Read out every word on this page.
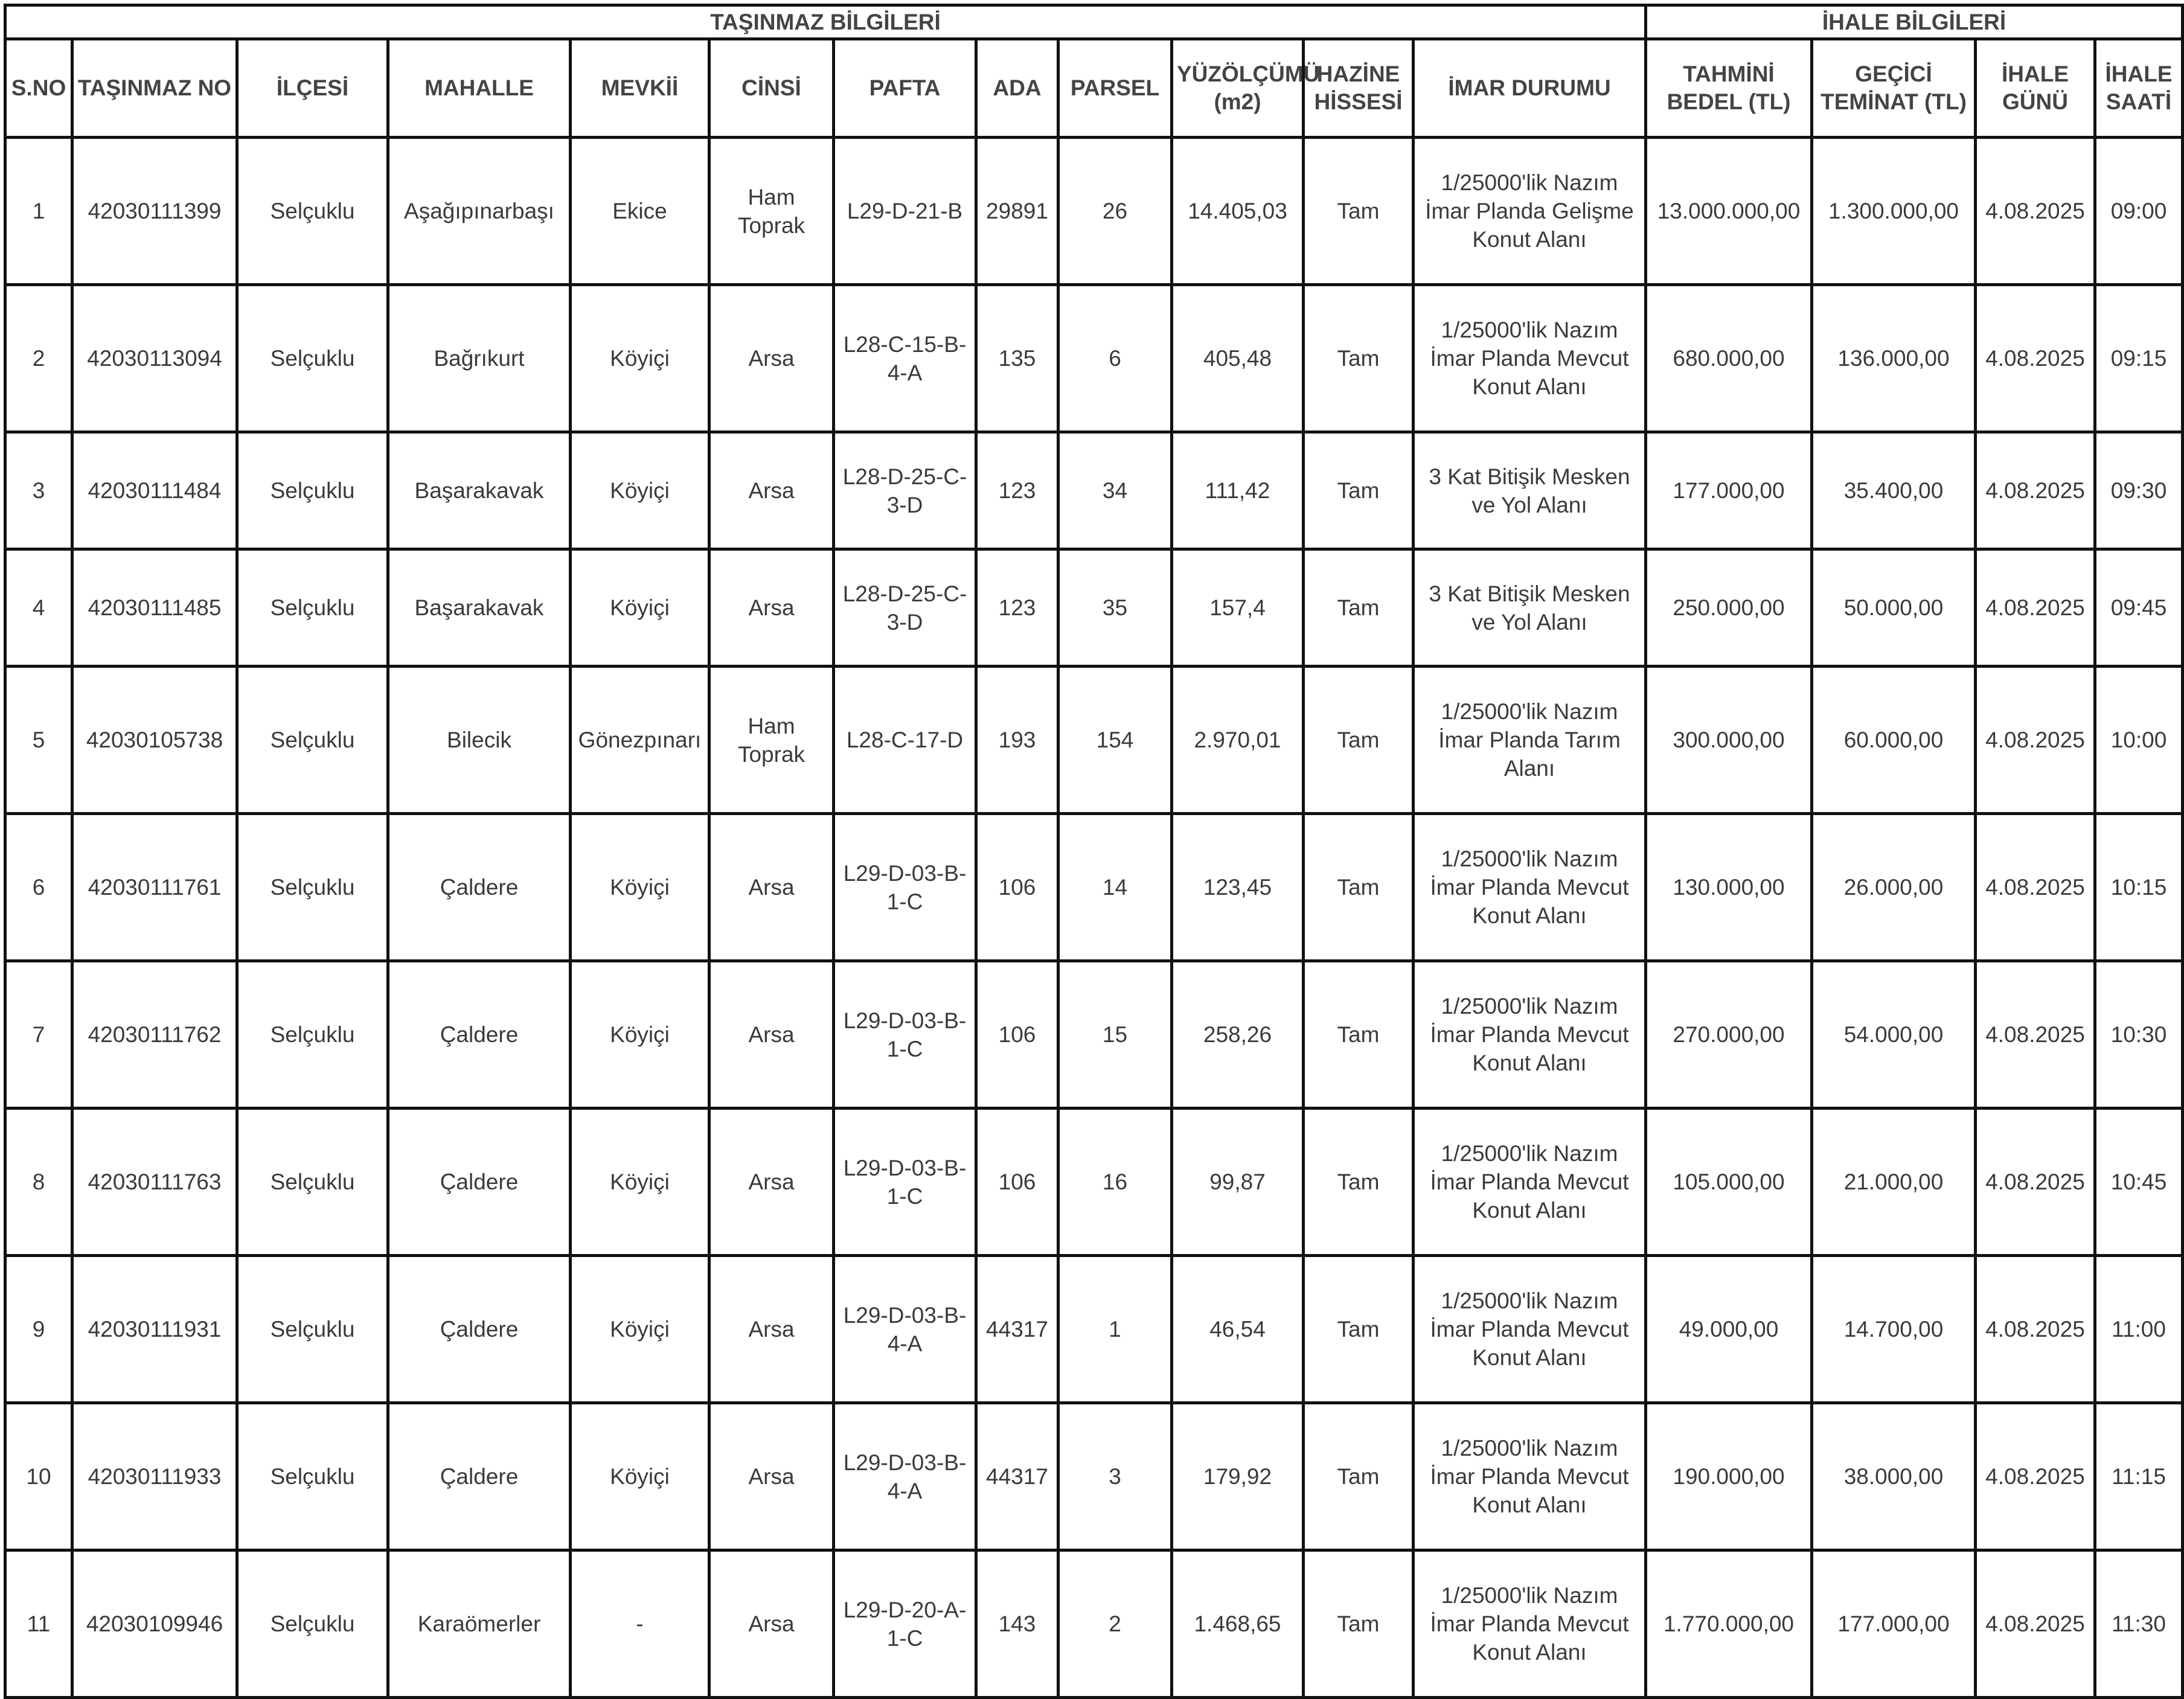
TAŞINMAZ BİLGİLERİ												İHALE BİLGİLERİ			
S.NO	TAŞINMAZ NO	İLÇESİ	MAHALLE	MEVKİİ	CİNSİ	PAFTA	ADA	PARSEL	YÜZÖLÇÜMÜ (m2)	HAZİNE HİSSESİ	İMAR DURUMU	TAHMİNİ BEDEL (TL)	GEÇİCİ TEMİNAT (TL)	İHALE GÜNÜ	İHALE SAATİ
1	42030111399	Selçuklu	Aşağıpınarbaşı	Ekice	Ham Toprak	L29-D-21-B	29891	26	14.405,03	Tam	1/25000'lik Nazım İmar Planda Gelişme Konut Alanı	13.000.000,00	1.300.000,00	4.08.2025	09:00
2	42030113094	Selçuklu	Bağrıkurt	Köyiçi	Arsa	L28-C-15-B-4-A	135	6	405,48	Tam	1/25000'lik Nazım İmar Planda Mevcut Konut Alanı	680.000,00	136.000,00	4.08.2025	09:15
3	42030111484	Selçuklu	Başarakavak	Köyiçi	Arsa	L28-D-25-C-3-D	123	34	111,42	Tam	3 Kat Bitişik Mesken ve Yol Alanı	177.000,00	35.400,00	4.08.2025	09:30
4	42030111485	Selçuklu	Başarakavak	Köyiçi	Arsa	L28-D-25-C-3-D	123	35	157,4	Tam	3 Kat Bitişik Mesken ve Yol Alanı	250.000,00	50.000,00	4.08.2025	09:45
5	42030105738	Selçuklu	Bilecik	Gönezpınarı	Ham Toprak	L28-C-17-D	193	154	2.970,01	Tam	1/25000'lik Nazım İmar Planda Tarım Alanı	300.000,00	60.000,00	4.08.2025	10:00
6	42030111761	Selçuklu	Çaldere	Köyiçi	Arsa	L29-D-03-B-1-C	106	14	123,45	Tam	1/25000'lik Nazım İmar Planda Mevcut Konut Alanı	130.000,00	26.000,00	4.08.2025	10:15
7	42030111762	Selçuklu	Çaldere	Köyiçi	Arsa	L29-D-03-B-1-C	106	15	258,26	Tam	1/25000'lik Nazım İmar Planda Mevcut Konut Alanı	270.000,00	54.000,00	4.08.2025	10:30
8	42030111763	Selçuklu	Çaldere	Köyiçi	Arsa	L29-D-03-B-1-C	106	16	99,87	Tam	1/25000'lik Nazım İmar Planda Mevcut Konut Alanı	105.000,00	21.000,00	4.08.2025	10:45
9	42030111931	Selçuklu	Çaldere	Köyiçi	Arsa	L29-D-03-B-4-A	44317	1	46,54	Tam	1/25000'lik Nazım İmar Planda Mevcut Konut Alanı	49.000,00	14.700,00	4.08.2025	11:00
10	42030111933	Selçuklu	Çaldere	Köyiçi	Arsa	L29-D-03-B-4-A	44317	3	179,92	Tam	1/25000'lik Nazım İmar Planda Mevcut Konut Alanı	190.000,00	38.000,00	4.08.2025	11:15
11	42030109946	Selçuklu	Karaömerler	-	Arsa	L29-D-20-A-1-C	143	2	1.468,65	Tam	1/25000'lik Nazım İmar Planda Mevcut Konut Alanı	1.770.000,00	177.000,00	4.08.2025	11:30
